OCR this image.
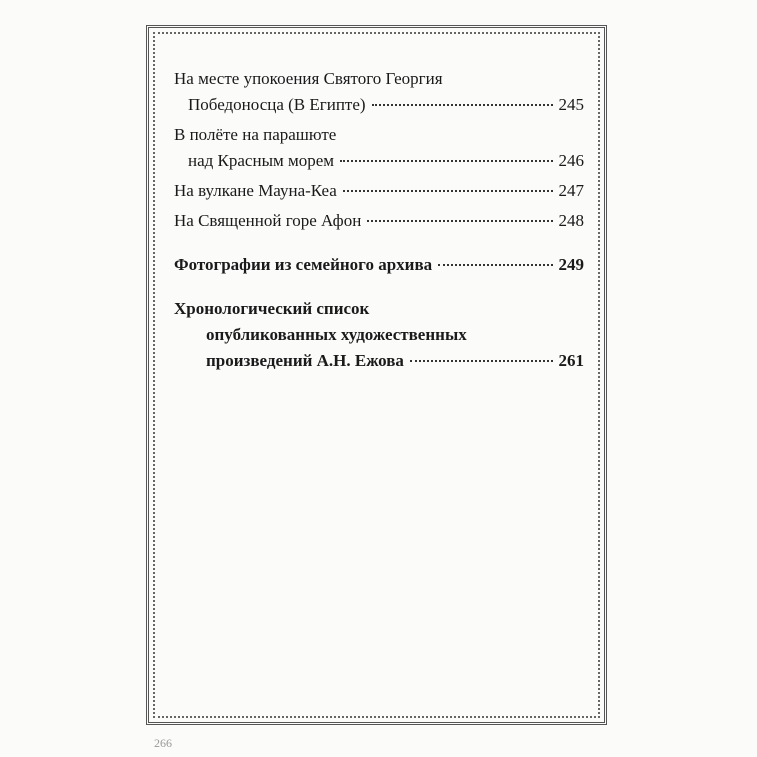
На месте упокоения Святого Георгия
Победоносца (В Египте)	245
В полёте на парашюте
над Красным морем	246
На вулкане Мауна-Кеа	247
На Священной горе Афон	248
Фотографии из семейного архива	249
Хронологический список
опубликованных художественных
произведений А.Н. Ежова	261
266
